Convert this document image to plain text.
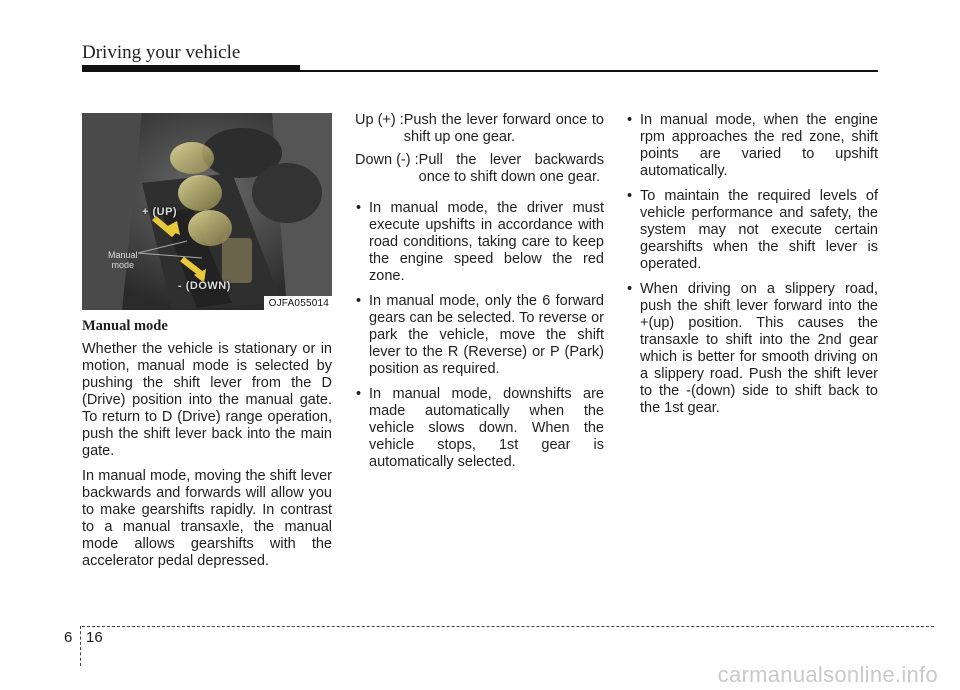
Driving your vehicle
+ (UP)
- (DOWN)
Manual
mode
OJFA055014
Manual mode

Whether the vehicle is stationary or in motion, manual mode is selected by pushing the shift lever from the D (Drive) position into the manual gate. To return to D (Drive) range operation, push the shift lever back into the main gate.

In manual mode, moving the shift lever backwards and forwards will allow you to make gearshifts rapidly. In contrast to a manual transaxle, the manual mode allows gearshifts with the accelerator pedal depressed.

Up (+) : Push the lever forward once to shift up one gear.
Down (-) : Pull the lever backwards once to shift down one gear.
• In manual mode, the driver must execute upshifts in accordance with road conditions, taking care to keep the engine speed below the red zone.
• In manual mode, only the 6 forward gears can be selected. To reverse or park the vehicle, move the shift lever to the R (Reverse) or P (Park) position as required.
• In manual mode, downshifts are made automatically when the vehicle slows down. When the vehicle stops, 1st gear is automatically selected.
• In manual mode, when the engine rpm approaches the red zone, shift points are varied to upshift automatically.
• To maintain the required levels of vehicle performance and safety, the system may not execute certain gearshifts when the shift lever is operated.
• When driving on a slippery road, push the shift lever forward into the +(up) position. This causes the transaxle to shift into the 2nd gear which is better for smooth driving on a slippery road. Push the shift lever to the -(down) side to shift back to the 1st gear.
6 16
carmanualsonline.info
